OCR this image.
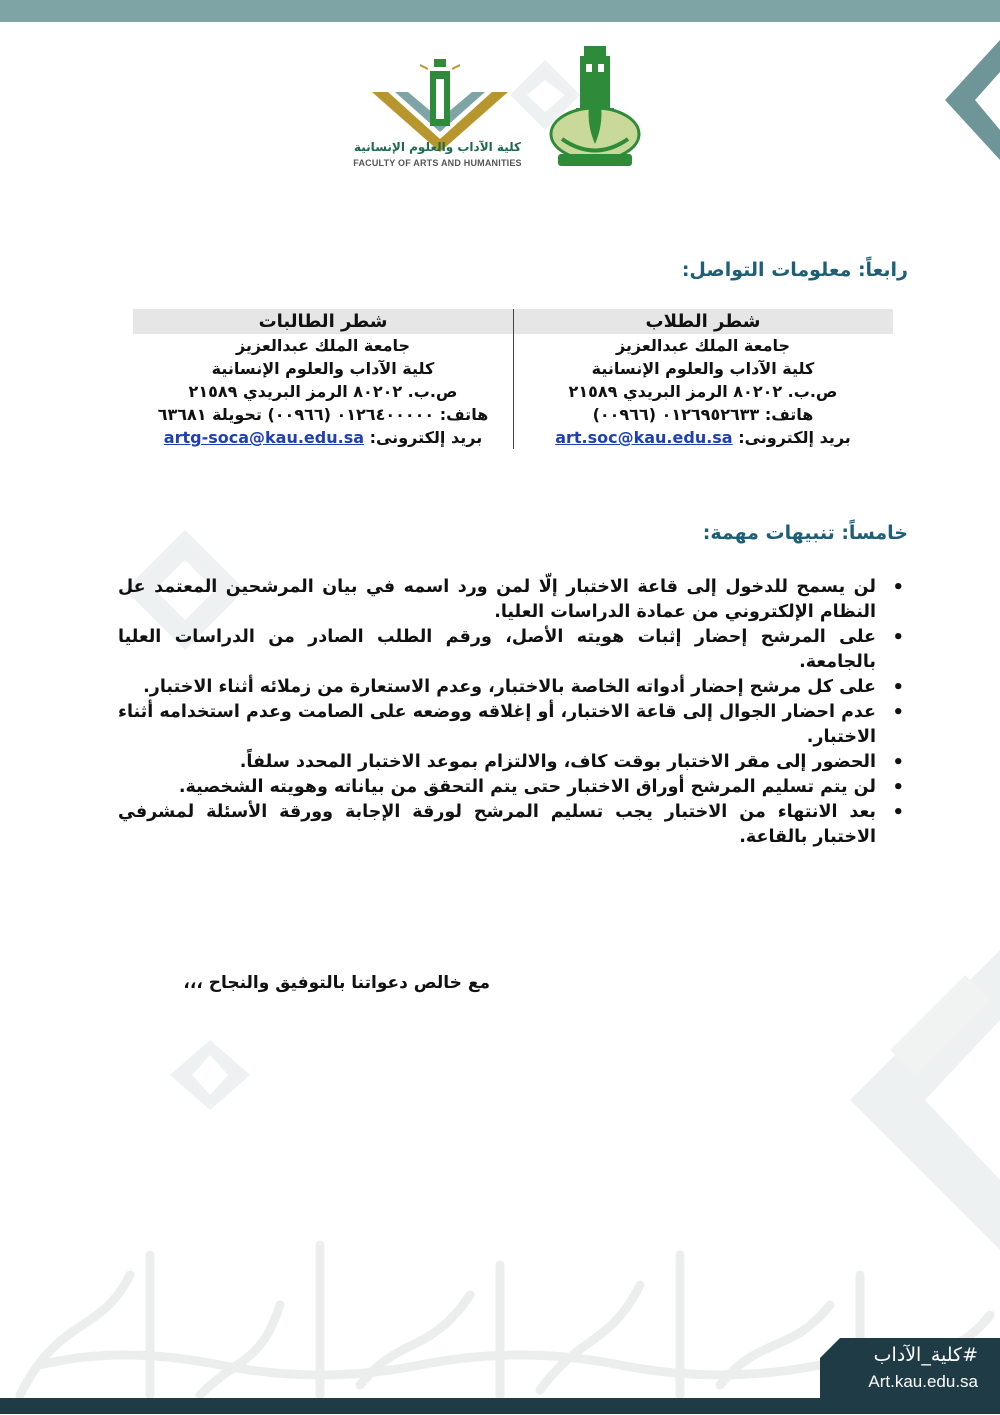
كلية الآداب والعلوم الإنسانية
FACULTY OF ARTS AND HUMANITIES
رابعاً: معلومات التواصل:
شطر الطلاب
جامعة الملك عبدالعزيز
كلية الآداب والعلوم الإنسانية
ص.ب. ٨٠٢٠٢ الرمز البريدي ٢١٥٨٩
هاتف: ٠١٢٦٩٥٢٦٣٣ (٠٠٩٦٦)
بريد إلكترونى: art.soc@kau.edu.sa
شطر الطالبات
جامعة الملك عبدالعزيز
كلية الآداب والعلوم الإنسانية
ص.ب. ٨٠٢٠٢ الرمز البريدي ٢١٥٨٩
هاتف: ٠١٢٦٤٠٠٠٠٠ (٠٠٩٦٦) تحويلة ٦٣٦٨١
بريد إلكترونى: artg-soca@kau.edu.sa
خامساً: تنبيهات مهمة:
• لن يسمح للدخول إلى قاعة الاختبار إلّا لمن ورد اسمه في بيان المرشحين المعتمد عل النظام الإلكتروني من عمادة الدراسات العليا.
• على المرشح إحضار إثبات هويته الأصل، ورقم الطلب الصادر من الدراسات العليا بالجامعة.
• على كل مرشح إحضار أدواته الخاصة بالاختبار، وعدم الاستعارة من زملائه أثناء الاختبار.
• عدم احضار الجوال إلى قاعة الاختبار، أو إغلاقه ووضعه على الصامت وعدم استخدامه أثناء الاختبار.
• الحضور إلى مقر الاختبار بوقت كاف، والالتزام بموعد الاختبار المحدد سلفاً.
• لن يتم تسليم المرشح أوراق الاختبار حتى يتم التحقق من بياناته وهويته الشخصية.
• بعد الانتهاء من الاختبار يجب تسليم المرشح لورقة الإجابة وورقة الأسئلة لمشرفي الاختبار بالقاعة.
مع خالص دعواتنا بالتوفيق والنجاح ،،،
#كلية_الآداب
Art.kau.edu.sa
